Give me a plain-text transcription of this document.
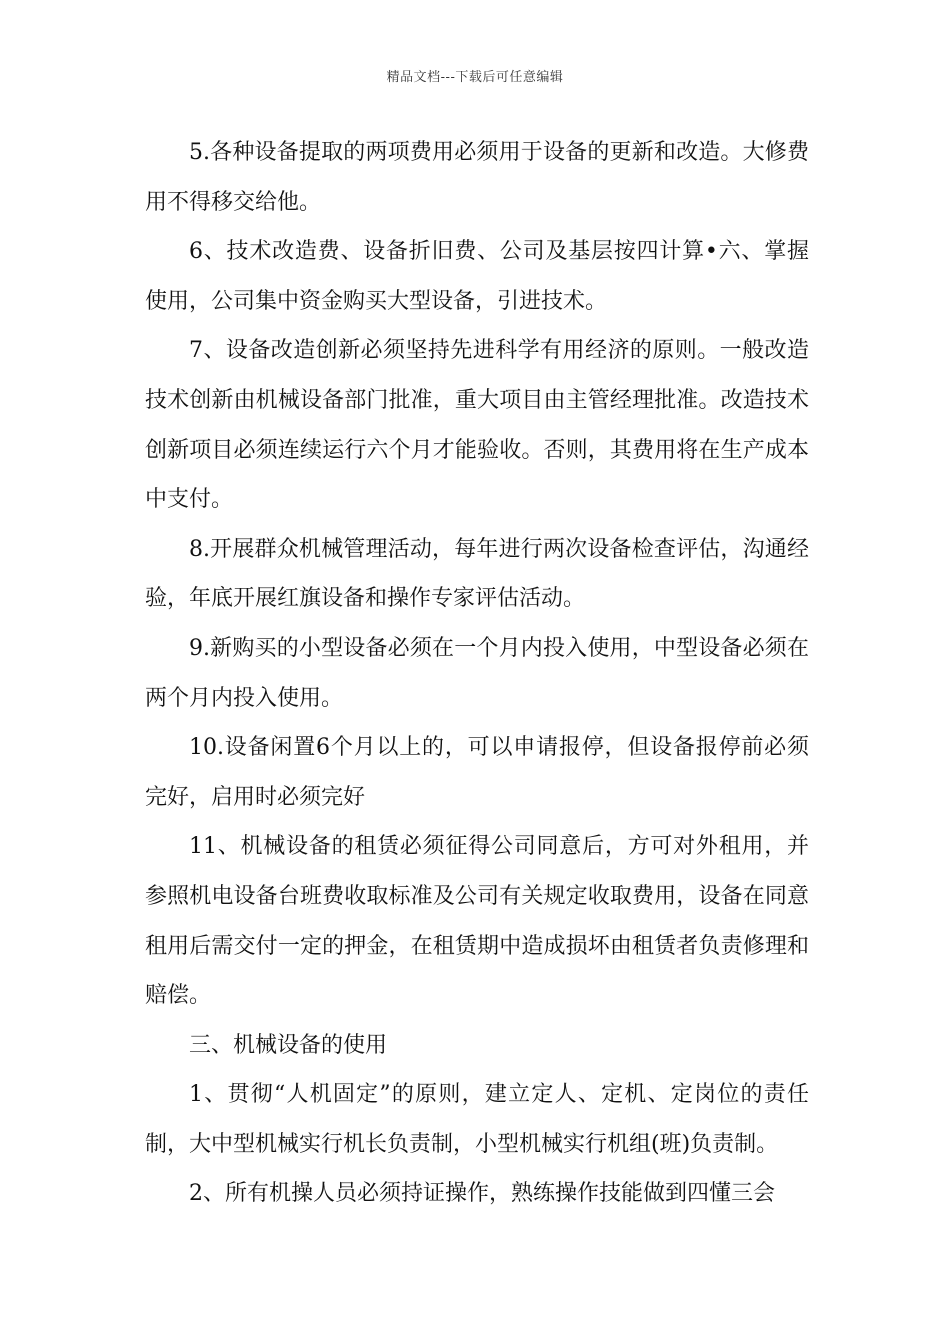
精品文档---下载后可任意编辑

5.各种设备提取的两项费用必须用于设备的更新和改造。大修费用不得移交给他。

6、技术改造费、设备折旧费、公司及基层按四计算•六、掌握使用，公司集中资金购买大型设备，引进技术。

7、设备改造创新必须坚持先进科学有用经济的原则。一般改造技术创新由机械设备部门批准，重大项目由主管经理批准。改造技术创新项目必须连续运行六个月才能验收。否则，其费用将在生产成本中支付。

8.开展群众机械管理活动，每年进行两次设备检查评估，沟通经验，年底开展红旗设备和操作专家评估活动。

9.新购买的小型设备必须在一个月内投入使用，中型设备必须在两个月内投入使用。

10.设备闲置6个月以上的，可以申请报停，但设备报停前必须完好，启用时必须完好

11、机械设备的租赁必须征得公司同意后，方可对外租用，并参照机电设备台班费收取标准及公司有关规定收取费用，设备在同意租用后需交付一定的押金，在租赁期中造成损坏由租赁者负责修理和赔偿。

三、机械设备的使用

1、贯彻“人机固定”的原则，建立定人、定机、定岗位的责任制，大中型机械实行机长负责制，小型机械实行机组(班)负责制。

2、所有机操人员必须持证操作，熟练操作技能做到四懂三会
